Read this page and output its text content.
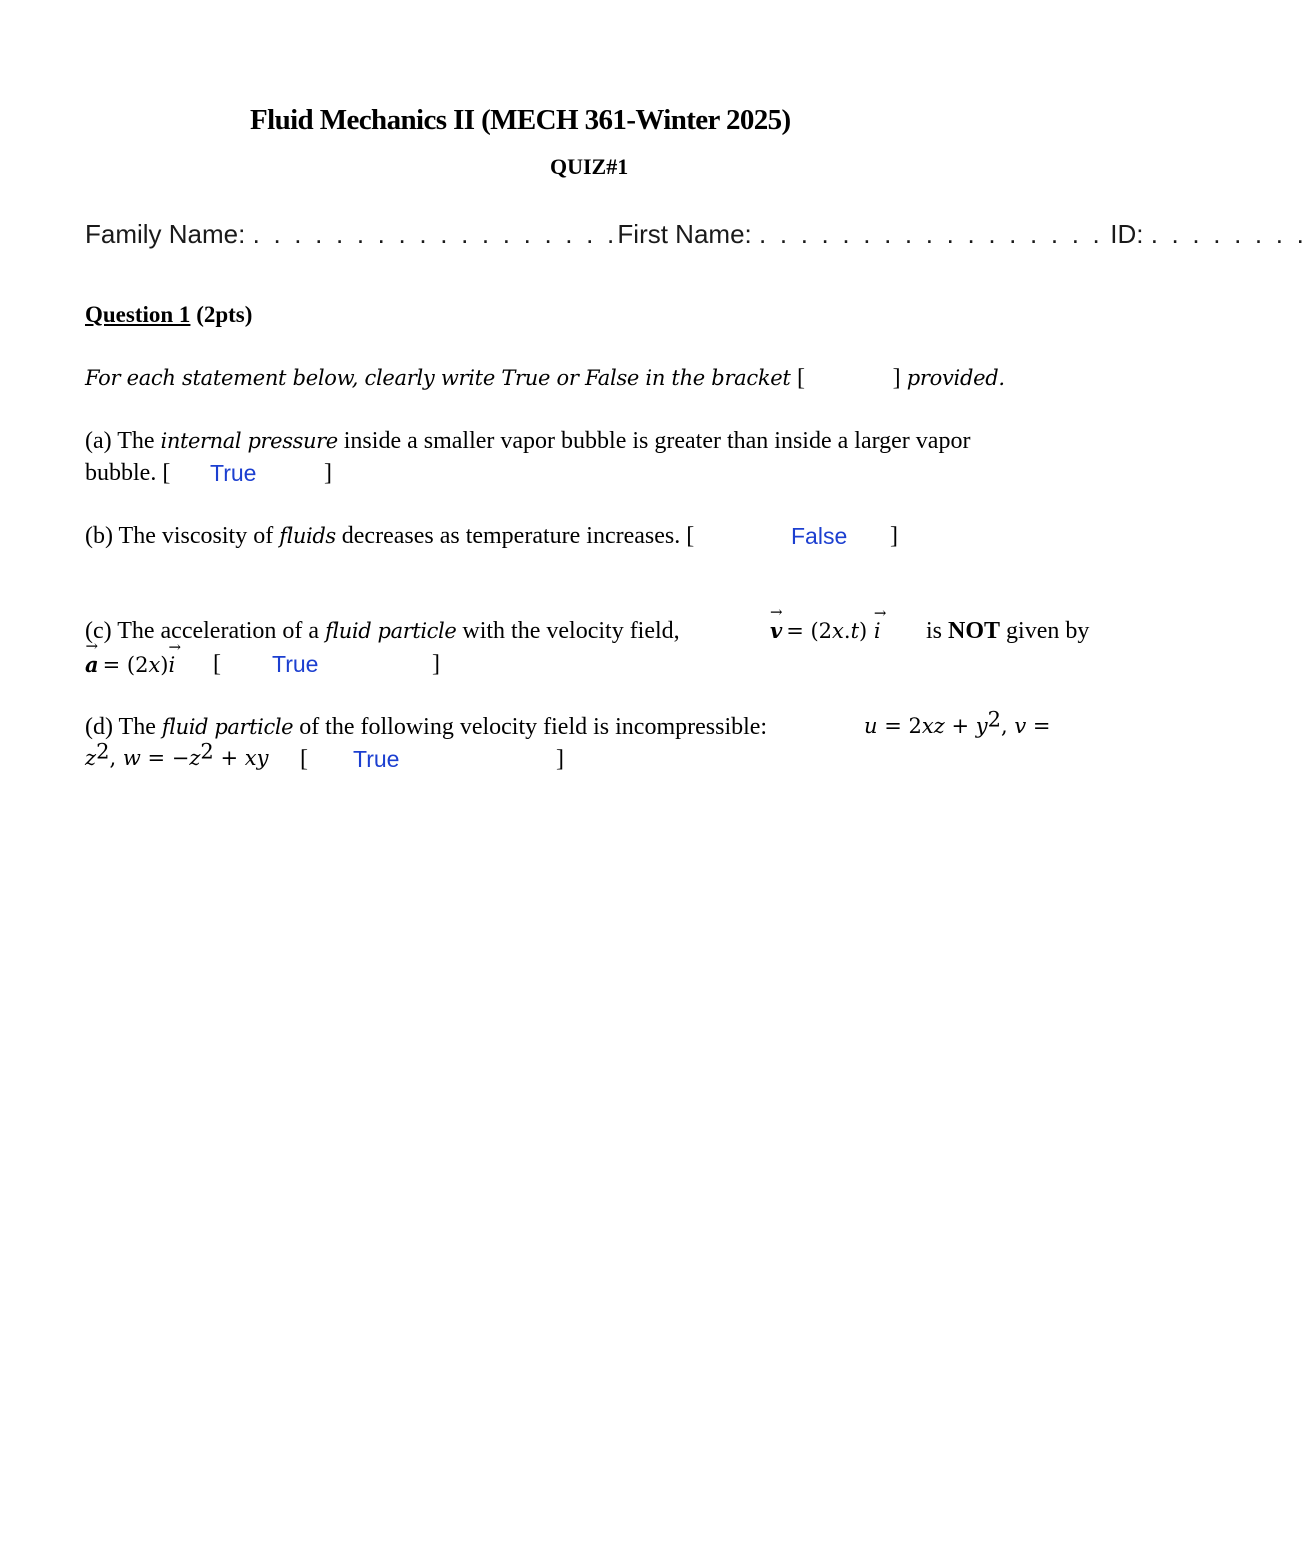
Fluid Mechanics II (MECH 361-Winter 2025)
QUIZ#1
Family Name: . . . . . . . . . . . . . . . . . .First Name: . . . . . . . . . . . . . . . . . ID: . . . . . . . .
Question 1 (2pts)
For each statement below, clearly write True or False in the bracket [	] provided.
(a) The internal pressure inside a smaller vapor bubble is greater than inside a larger vapor
bubble. [ True	]
(b) The viscosity of fluids decreases as temperature increases. [	False ]
(c) The acceleration of a fluid particle with the velocity field,
→	v = (2x.t) → i is NOT given by
→ a = (2x)→ i [ True	]
(d) The fluid particle of the following velocity field is incompressible:	$u = 2xz + y^2$, v =
$z^2$, $w = -z^2$ + xy [ True	]
